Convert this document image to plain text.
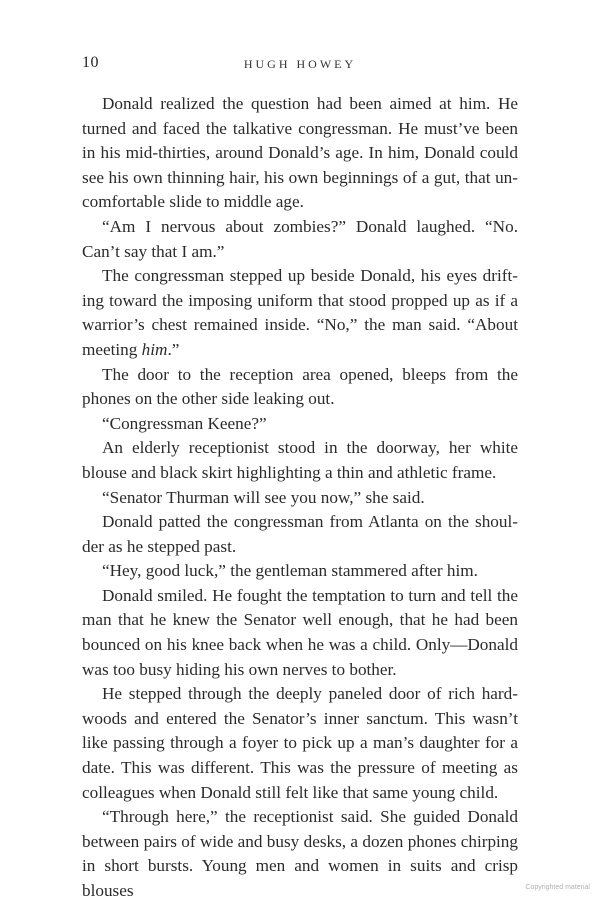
10	HUGH HOWEY

Donald realized the question had been aimed at him. He turned and faced the talkative congressman. He must’ve been in his mid-thirties, around Donald’s age. In him, Donald could see his own thinning hair, his own beginnings of a gut, that uncomfortable slide to middle age.

“Am I nervous about zombies?” Donald laughed. “No. Can’t say that I am.”

The congressman stepped up beside Donald, his eyes drifting toward the imposing uniform that stood propped up as if a warrior’s chest remained inside. “No,” the man said. “About meeting him.”

The door to the reception area opened, bleeps from the phones on the other side leaking out.

“Congressman Keene?”

An elderly receptionist stood in the doorway, her white blouse and black skirt highlighting a thin and athletic frame.

“Senator Thurman will see you now,” she said.

Donald patted the congressman from Atlanta on the shoulder as he stepped past.

“Hey, good luck,” the gentleman stammered after him.

Donald smiled. He fought the temptation to turn and tell the man that he knew the Senator well enough, that he had been bounced on his knee back when he was a child. Only—Donald was too busy hiding his own nerves to bother.

He stepped through the deeply paneled door of rich hardwoods and entered the Senator’s inner sanctum. This wasn’t like passing through a foyer to pick up a man’s daughter for a date. This was different. This was the pressure of meeting as colleagues when Donald still felt like that same young child.

“Through here,” the receptionist said. She guided Donald between pairs of wide and busy desks, a dozen phones chirping in short bursts. Young men and women in suits and crisp blouses	Copyrighted material
